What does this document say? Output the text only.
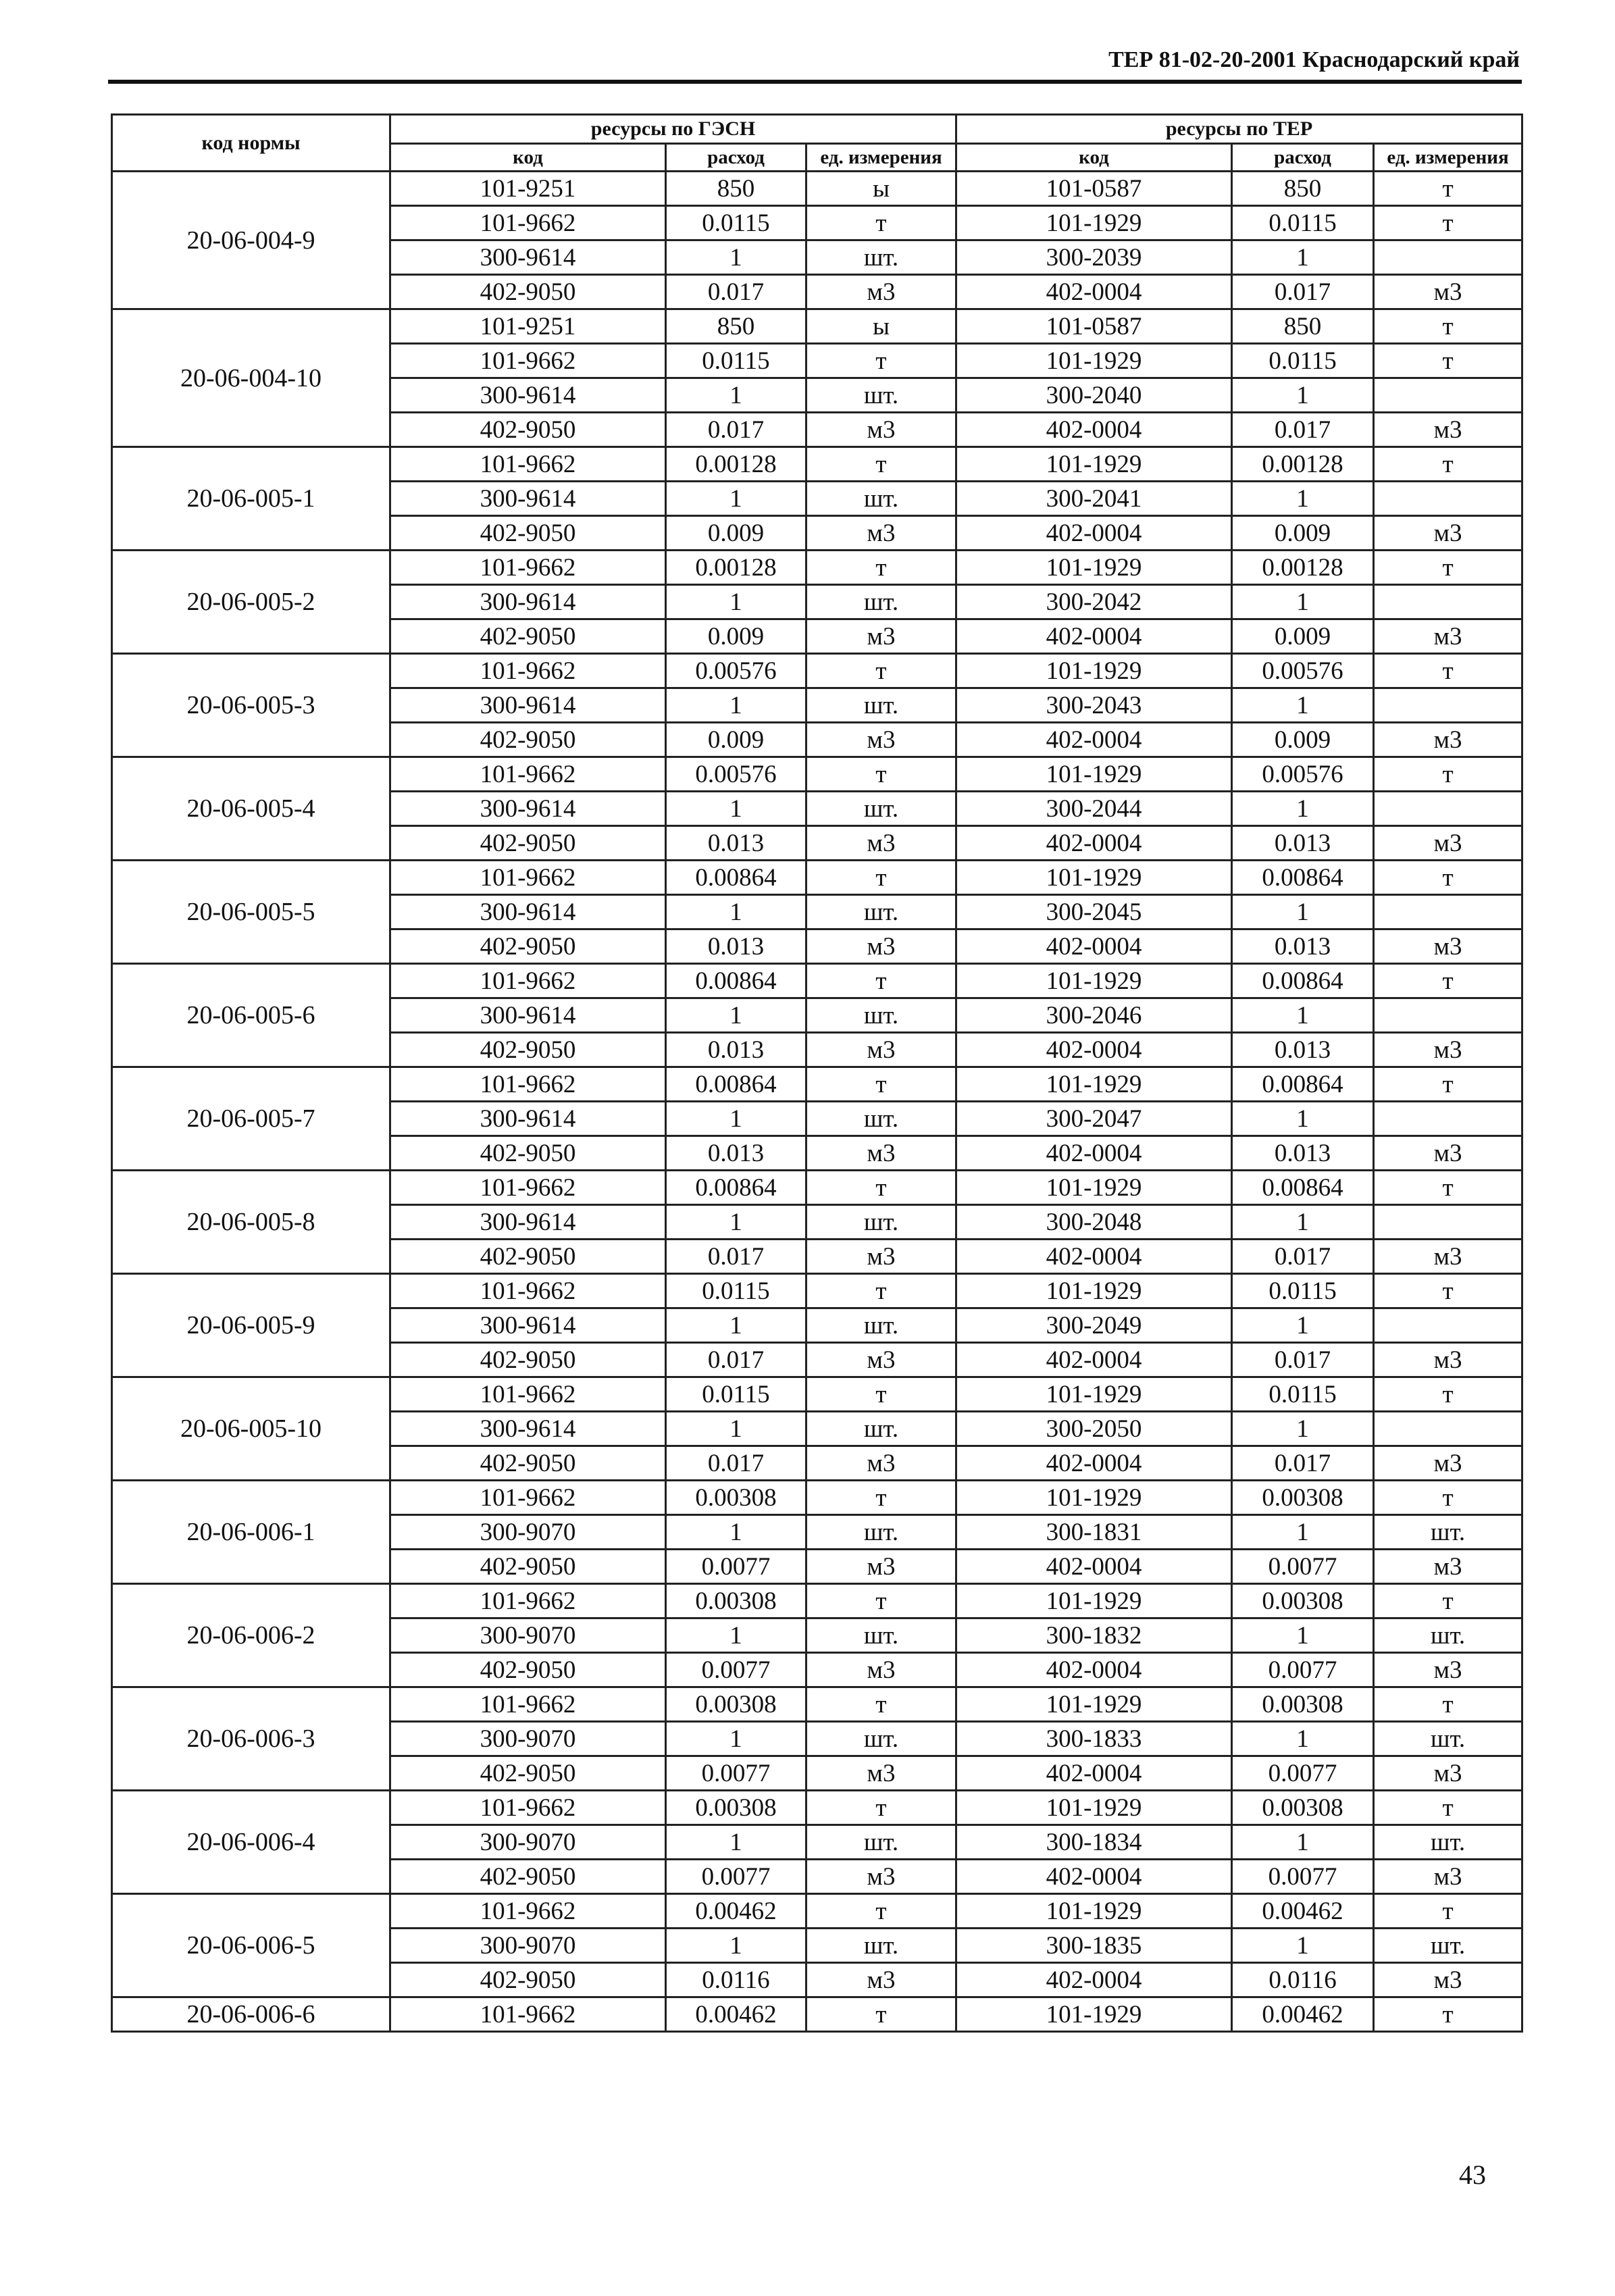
ТЕР 81-02-20-2001 Краснодарский край
код нормы	ресурсы по ГЭСН			ресурсы по ТЕР		
	код	расход	ед. измерения	код	расход	ед. измерения
20-06-004-9	101-9251	850	ы	101-0587	850	т
	101-9662	0.0115	т	101-1929	0.0115	т
	300-9614	1	шт.	300-2039	1	
	402-9050	0.017	м3	402-0004	0.017	м3
20-06-004-10	101-9251	850	ы	101-0587	850	т
	101-9662	0.0115	т	101-1929	0.0115	т
	300-9614	1	шт.	300-2040	1	
	402-9050	0.017	м3	402-0004	0.017	м3
20-06-005-1	101-9662	0.00128	т	101-1929	0.00128	т
	300-9614	1	шт.	300-2041	1	
	402-9050	0.009	м3	402-0004	0.009	м3
20-06-005-2	101-9662	0.00128	т	101-1929	0.00128	т
	300-9614	1	шт.	300-2042	1	
	402-9050	0.009	м3	402-0004	0.009	м3
20-06-005-3	101-9662	0.00576	т	101-1929	0.00576	т
	300-9614	1	шт.	300-2043	1	
	402-9050	0.009	м3	402-0004	0.009	м3
20-06-005-4	101-9662	0.00576	т	101-1929	0.00576	т
	300-9614	1	шт.	300-2044	1	
	402-9050	0.013	м3	402-0004	0.013	м3
20-06-005-5	101-9662	0.00864	т	101-1929	0.00864	т
	300-9614	1	шт.	300-2045	1	
	402-9050	0.013	м3	402-0004	0.013	м3
20-06-005-6	101-9662	0.00864	т	101-1929	0.00864	т
	300-9614	1	шт.	300-2046	1	
	402-9050	0.013	м3	402-0004	0.013	м3
20-06-005-7	101-9662	0.00864	т	101-1929	0.00864	т
	300-9614	1	шт.	300-2047	1	
	402-9050	0.013	м3	402-0004	0.013	м3
20-06-005-8	101-9662	0.00864	т	101-1929	0.00864	т
	300-9614	1	шт.	300-2048	1	
	402-9050	0.017	м3	402-0004	0.017	м3
20-06-005-9	101-9662	0.0115	т	101-1929	0.0115	т
	300-9614	1	шт.	300-2049	1	
	402-9050	0.017	м3	402-0004	0.017	м3
20-06-005-10	101-9662	0.0115	т	101-1929	0.0115	т
	300-9614	1	шт.	300-2050	1	
	402-9050	0.017	м3	402-0004	0.017	м3
20-06-006-1	101-9662	0.00308	т	101-1929	0.00308	т
	300-9070	1	шт.	300-1831	1	шт.
	402-9050	0.0077	м3	402-0004	0.0077	м3
20-06-006-2	101-9662	0.00308	т	101-1929	0.00308	т
	300-9070	1	шт.	300-1832	1	шт.
	402-9050	0.0077	м3	402-0004	0.0077	м3
20-06-006-3	101-9662	0.00308	т	101-1929	0.00308	т
	300-9070	1	шт.	300-1833	1	шт.
	402-9050	0.0077	м3	402-0004	0.0077	м3
20-06-006-4	101-9662	0.00308	т	101-1929	0.00308	т
	300-9070	1	шт.	300-1834	1	шт.
	402-9050	0.0077	м3	402-0004	0.0077	м3
20-06-006-5	101-9662	0.00462	т	101-1929	0.00462	т
	300-9070	1	шт.	300-1835	1	шт.
	402-9050	0.0116	м3	402-0004	0.0116	м3
20-06-006-6	101-9662	0.00462	т	101-1929	0.00462	т
43
